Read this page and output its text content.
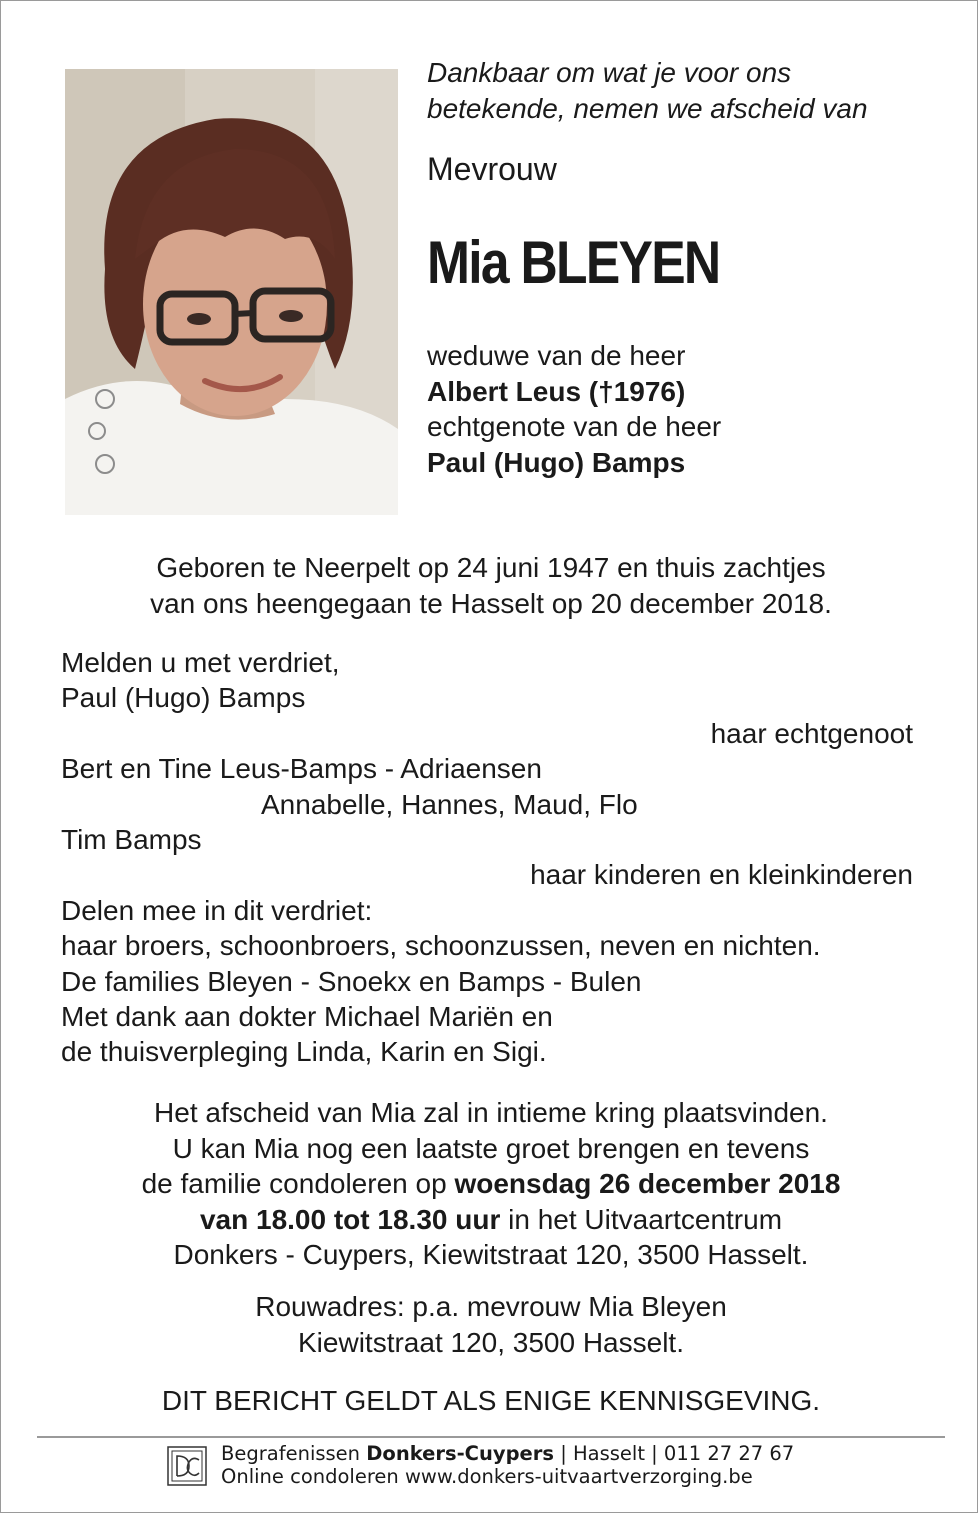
Dankbaar om wat je voor ons
betekende, nemen we afscheid van
Mevrouw
Mia BLEYEN
weduwe van de heer
Albert Leus (†1976)
echtgenote van de heer
Paul (Hugo) Bamps
Geboren te Neerpelt op 24 juni 1947 en thuis zachtjes
van ons heengegaan te Hasselt op 20 december 2018.
Melden u met verdriet,
Paul (Hugo) Bamps
haar echtgenoot
Bert en Tine Leus-Bamps - Adriaensen
Annabelle, Hannes, Maud, Flo
Tim Bamps
haar kinderen en kleinkinderen
Delen mee in dit verdriet:
haar broers, schoonbroers, schoonzussen, neven en nichten.
De families Bleyen - Snoekx en Bamps - Bulen
Met dank aan dokter Michael Mariën en
de thuisverpleging Linda, Karin en Sigi.
Het afscheid van Mia zal in intieme kring plaatsvinden.
U kan Mia nog een laatste groet brengen en tevens
de familie condoleren op woensdag 26 december 2018
van 18.00 tot 18.30 uur in het Uitvaartcentrum
Donkers - Cuypers, Kiewitstraat 120, 3500 Hasselt.
Rouwadres: p.a. mevrouw Mia Bleyen
Kiewitstraat 120, 3500 Hasselt.
DIT BERICHT GELDT ALS ENIGE KENNISGEVING.
Begrafenissen Donkers-Cuypers | Hasselt | 011 27 27 67
Online condoleren www.donkers-uitvaartverzorging.be
